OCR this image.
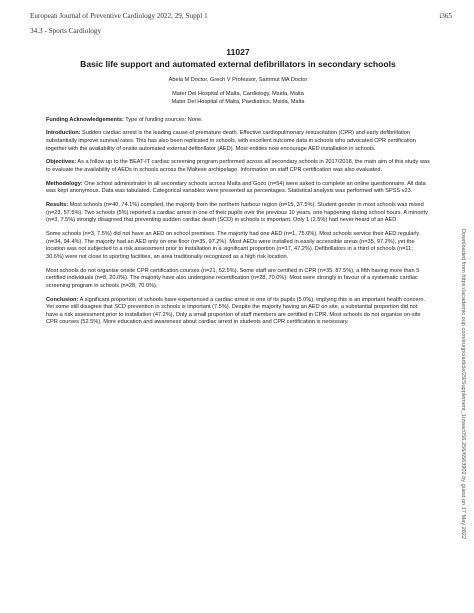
European Journal of Preventive Cardiology 2022, 29, Suppl 1	i365
34.3 - Sports Cardiology
11027
Basic life support and automated external defibrillators in secondary schools
Abela M Doctor, Grech V Professor, Sammut MA Doctor
Mater Dei Hospital of Malta, Cardiology, Msida, Malta
Mater Dei Hospital of Malta, Paediatrics, Msida, Malta

Funding Acknowledgements: Type of funding sources: None.

Introduction: Sudden cardiac arrest is the leading cause of premature death. Effective cardiopulmonary resuscitation (CPR) and early defibrillation substantially improve survival rates. This has also been replicated in schools, with excellent outcome data in schools who advocated CPR certification together with the availability of onsite automated external defibrillator (AED). Most entities now encourage AED installation in schools.

Objectives: As a follow up to the BEAT-IT cardiac screening program performed across all secondary schools in 2017/2018, the main aim of this study was to evaluate the availability of AEDs in schools across the Maltese archipelago. Information on staff CPR certification was also evaluated.

Methodology: One school administrator in all secondary schools across Malta and Gozo (n=54) were asked to complete an online questionnaire. All data was kept anonymous. Data was tabulated. Categorical variables were presented as percentages. Statistical analysis was performed with SPSS v23.

Results: Most schools (n=40, 74.1%) complied, the majority from the northern harbour region (n=15, 37.5%). Student gender in most schools was mixed (n=23, 57.5%). Two schools (5%) reported a cardiac arrest in one of their pupils over the previous 10 years, one happening during school hours. A minority (n=3, 7.5%) strongly disagreed that preventing sudden cardiac death (SCD) in schools is important. Only 1 (2.5%) had never heard of an AED.

Some schools (n=3, 7.5%) did not have an AED on school premises. The majority had one AED (n=1, 75.0%). Most schools service their AED regularly (n=34, 94.4%). The majority had an AED only on one floor (n=35, 97.2%). Most AEDs were installed in easily accessible areas (n=35, 97.2%), yet the location was not subjected to a risk assessment prior to installation in a significant proportion (n=17, 47.2%). Defibrillators in a third of schools (n=11; 30.6%) were not close to sporting facilities, an area traditionally recognized as a high risk location.

Most schools do not organise onsite CPR certification courses (n=21, 52.5%). Some staff are certified in CPR (n=35, 87.5%), a fifth having more than 5 certified individuals (n=8, 20.0%). The majority have also undergone recertification (n=28, 70.0%). Most were strongly in favour of a systematic cardiac screening program in schools (n=28, 70.0%).

Conclusion: A significant proportion of schools have experienced a cardiac arrest in one of its pupils (5.0%), implying this is an important health concern. Yet some still disagree that SCD prevention in schools is important (7.5%). Despite the majority having an AED on site, a substantial proportion did not have a risk assessment prior to installation (47.2%). Only a small proportion of staff members are certified in CPR. Most schools do not organise on-site CPR courses (52.5%). More education and awareness about cardiac arrest in students and CPR certification is necessary.	Downloaded from https://academic.oup.com/eurjpc/article/29/Supplement_1/zwac056.256/6563902 by guest on 17 May 2022
